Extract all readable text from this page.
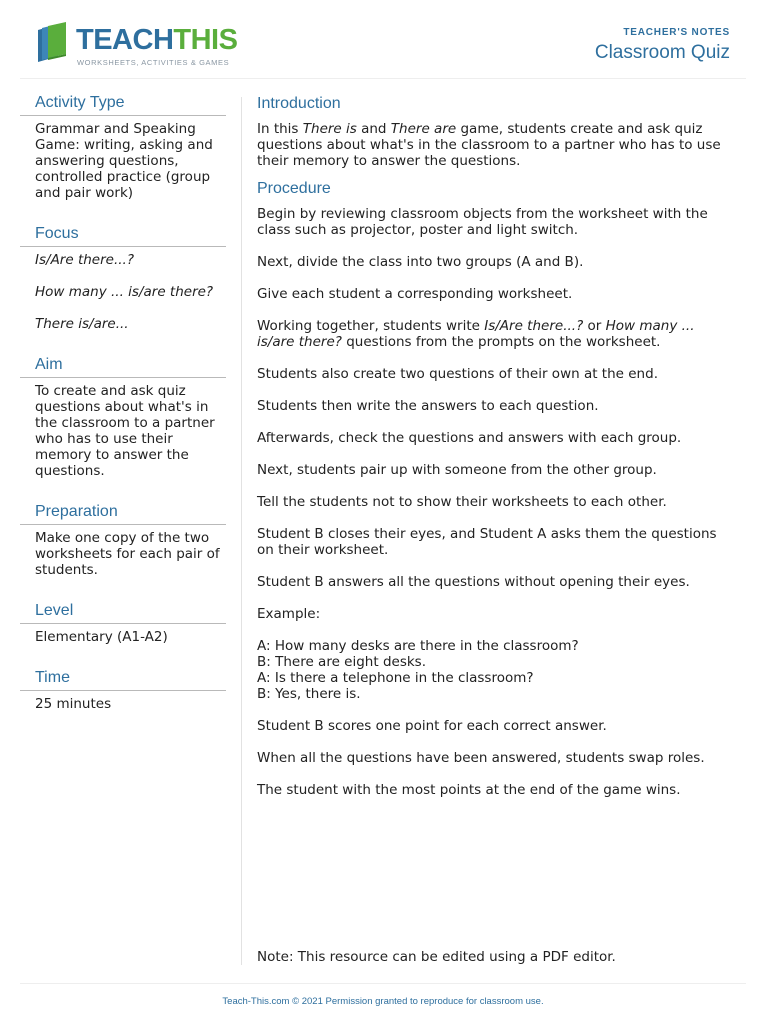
TEACHTHIS
WORKSHEETS, ACTIVITIES & GAMES
TEACHER'S NOTES
Classroom Quiz
Activity Type

Grammar and Speaking Game: writing, asking and answering questions, controlled practice (group and pair work)

Focus

Is/Are there...?

How many ... is/are there?

There is/are...

Aim

To create and ask quiz questions about what's in the classroom to a partner who has to use their memory to answer the questions.

Preparation

Make one copy of the two worksheets for each pair of students.

Level

Elementary (A1-A2)

Time

25 minutes

Introduction

In this There is and There are game, students create and ask quiz questions about what's in the classroom to a partner who has to use their memory to answer the questions.

Procedure

Begin by reviewing classroom objects from the worksheet with the class such as projector, poster and light switch.

Next, divide the class into two groups (A and B).

Give each student a corresponding worksheet.

Working together, students write Is/Are there...? or How many ... is/are there? questions from the prompts on the worksheet.

Students also create two questions of their own at the end.

Students then write the answers to each question.

Afterwards, check the questions and answers with each group.

Next, students pair up with someone from the other group.

Tell the students not to show their worksheets to each other.

Student B closes their eyes, and Student A asks them the questions on their worksheet.

Student B answers all the questions without opening their eyes.

Example:

A: How many desks are there in the classroom?
B: There are eight desks.
A: Is there a telephone in the classroom?
B: Yes, there is.

Student B scores one point for each correct answer.

When all the questions have been answered, students swap roles.

The student with the most points at the end of the game wins.

Note: This resource can be edited using a PDF editor.
Teach-This.com © 2021 Permission granted to reproduce for classroom use.
